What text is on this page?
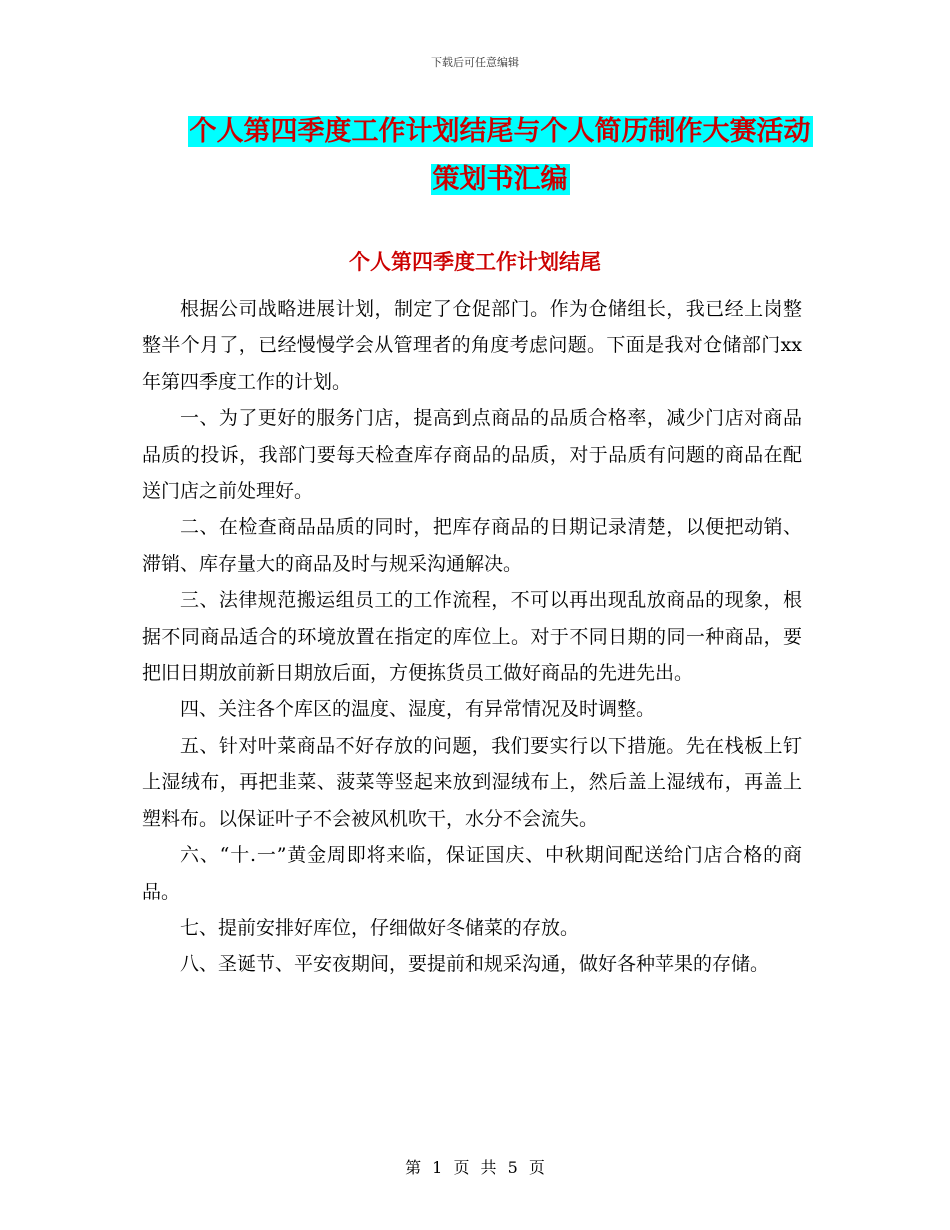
下载后可任意编辑
个人第四季度工作计划结尾与个人简历制作大赛活动
策划书汇编
个人第四季度工作计划结尾

根据公司战略进展计划，制定了仓促部门。作为仓储组长，我已经上岗整整半个月了，已经慢慢学会从管理者的角度考虑问题。下面是我对仓储部门xx年第四季度工作的计划。

一、为了更好的服务门店，提高到点商品的品质合格率，减少门店对商品品质的投诉，我部门要每天检查库存商品的品质，对于品质有问题的商品在配送门店之前处理好。

二、在检查商品品质的同时，把库存商品的日期记录清楚，以便把动销、滞销、库存量大的商品及时与规采沟通解决。

三、法律规范搬运组员工的工作流程，不可以再出现乱放商品的现象，根据不同商品适合的环境放置在指定的库位上。对于不同日期的同一种商品，要把旧日期放前新日期放后面，方便拣货员工做好商品的先进先出。

四、关注各个库区的温度、湿度，有异常情况及时调整。

五、针对叶菜商品不好存放的问题，我们要实行以下措施。先在栈板上钉上湿绒布，再把韭菜、菠菜等竖起来放到湿绒布上，然后盖上湿绒布，再盖上塑料布。以保证叶子不会被风机吹干，水分不会流失。

六、“十.一”黄金周即将来临，保证国庆、中秋期间配送给门店合格的商品。

七、提前安排好库位，仔细做好冬储菜的存放。

八、圣诞节、平安夜期间，要提前和规采沟通，做好各种苹果的存储。

第 1 页 共 5 页
